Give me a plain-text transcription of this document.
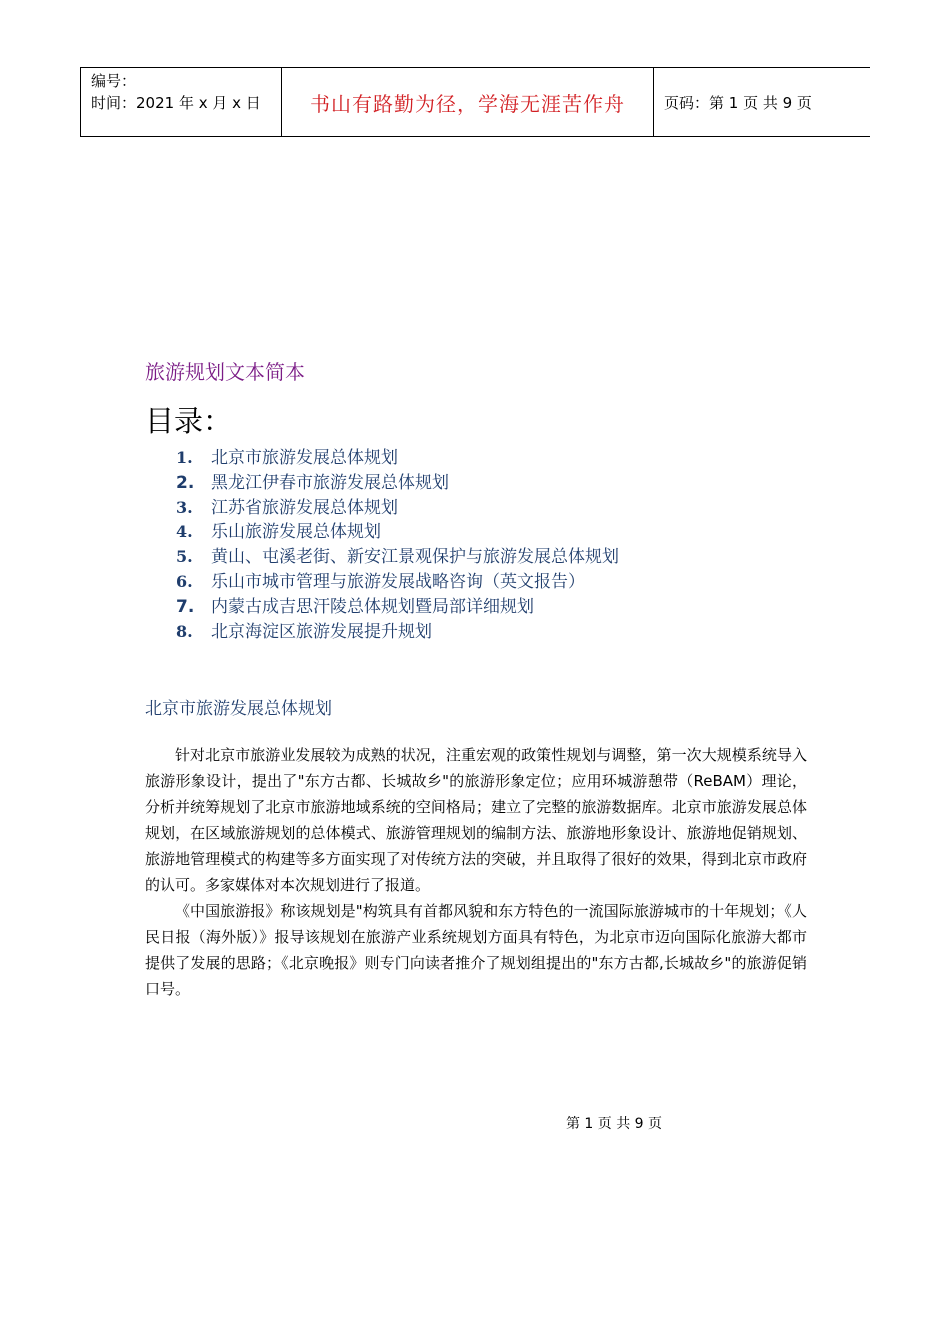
编号：
时间：2021 年 x 月 x 日	书山有路勤为径，学海无涯苦作舟	页码：第 1 页 共 9 页
旅游规划文本简本
目录：
1. 北京市旅游发展总体规划
2. 黑龙江伊春市旅游发展总体规划
3. 江苏省旅游发展总体规划
4. 乐山旅游发展总体规划
5. 黄山、屯溪老街、新安江景观保护与旅游发展总体规划
6. 乐山市城市管理与旅游发展战略咨询（英文报告）
7. 内蒙古成吉思汗陵总体规划暨局部详细规划
8. 北京海淀区旅游发展提升规划
北京市旅游发展总体规划

针对北京市旅游业发展较为成熟的状况，注重宏观的政策性规划与调整，第一次大规模系统导入旅游形象设计，提出了"东方古都、长城故乡"的旅游形象定位；应用环城游憩带（ReBAM）理论，分析并统筹规划了北京市旅游地域系统的空间格局；建立了完整的旅游数据库。北京市旅游发展总体规划，在区域旅游规划的总体模式、旅游管理规划的编制方法、旅游地形象设计、旅游地促销规划、旅游地管理模式的构建等多方面实现了对传统方法的突破，并且取得了很好的效果，得到北京市政府的认可。多家媒体对本次规划进行了报道。

《中国旅游报》称该规划是"构筑具有首都风貌和东方特色的一流国际旅游城市的十年规划；《人民日报（海外版）》报导该规划在旅游产业系统规划方面具有特色，为北京市迈向国际化旅游大都市提供了发展的思路；《北京晚报》则专门向读者推介了规划组提出的"东方古都,长城故乡"的旅游促销口号。

第 1 页 共 9 页
